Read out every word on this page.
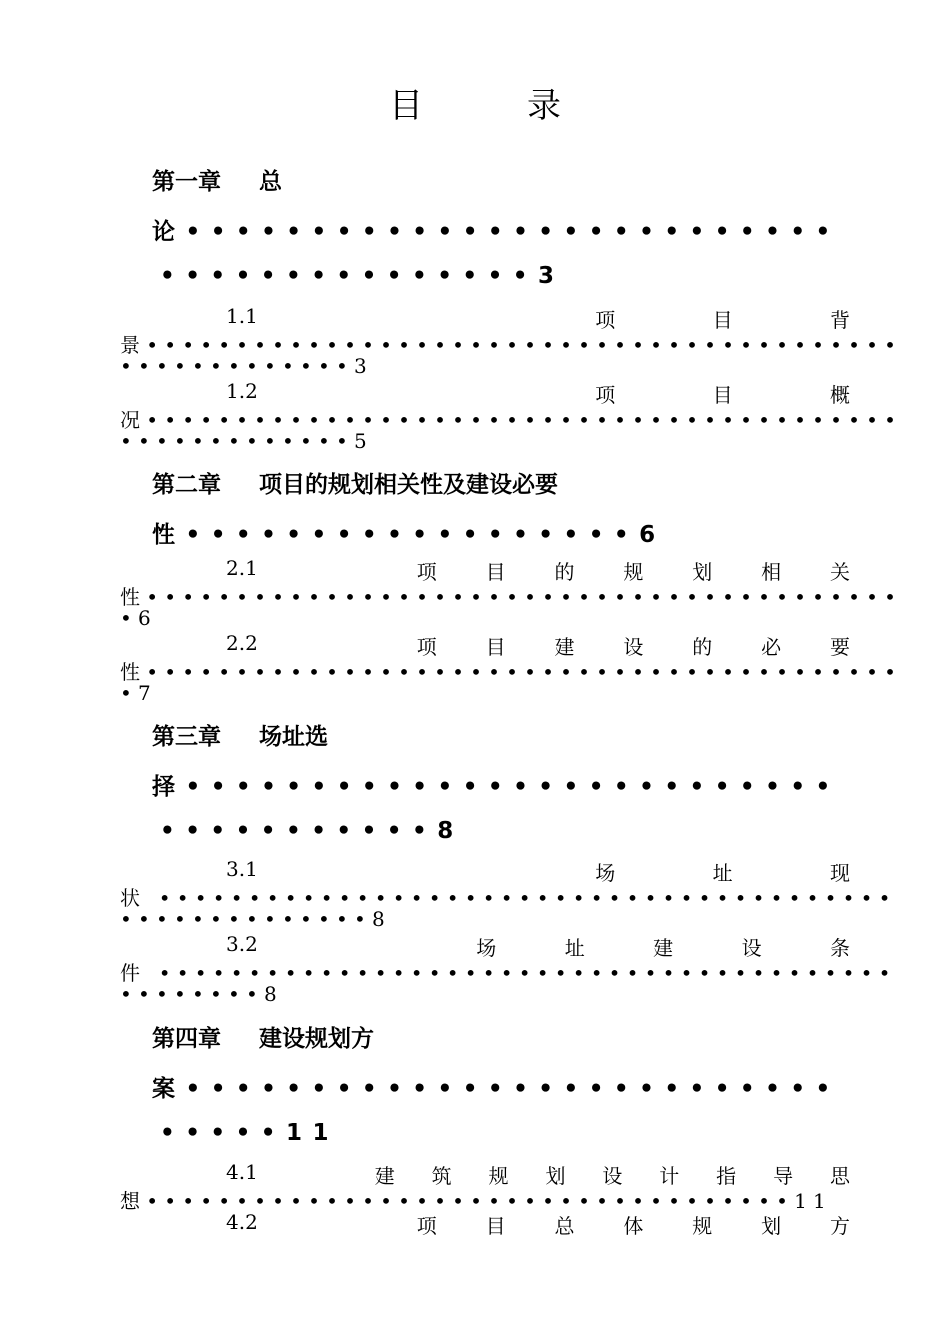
目	录
第一章 总
论••••••••••••••••••••••••••
•••••••••••••••3
1.1	项	目	背
景••••••••••••••••••••••••••••••••••••••••••
•••••••••••••3
1.2	项	目	概
况••••••••••••••••••••••••••••••••••••••••••
•••••••••••••5
第二章 项目的规划相关性及建设必要
性••••••••••••••••••6
2.1	项 目 的 规 划 相 关
性••••••••••••••••••••••••••••••••••••••••••
•6
2.2	项 目 建 设 的 必 要
性••••••••••••••••••••••••••••••••••••••••••
•7
第三章 场址选
择••••••••••••••••••••••••••
•••••••••••8
3.1	场	址	现
状 •••••••••••••••••••••••••••••••••••••••••
••••••••••••••8
3.2	场	址	建	设	条
件 •••••••••••••••••••••••••••••••••••••••••
••••••••8
第四章 建设规划方
案••••••••••••••••••••••••••
•••••11
4.1	建 筑 规 划 设 计 指 导 思
想••••••••••••••••••••••••••••••••••••11
4.2	项 目 总 体 规 划 方
